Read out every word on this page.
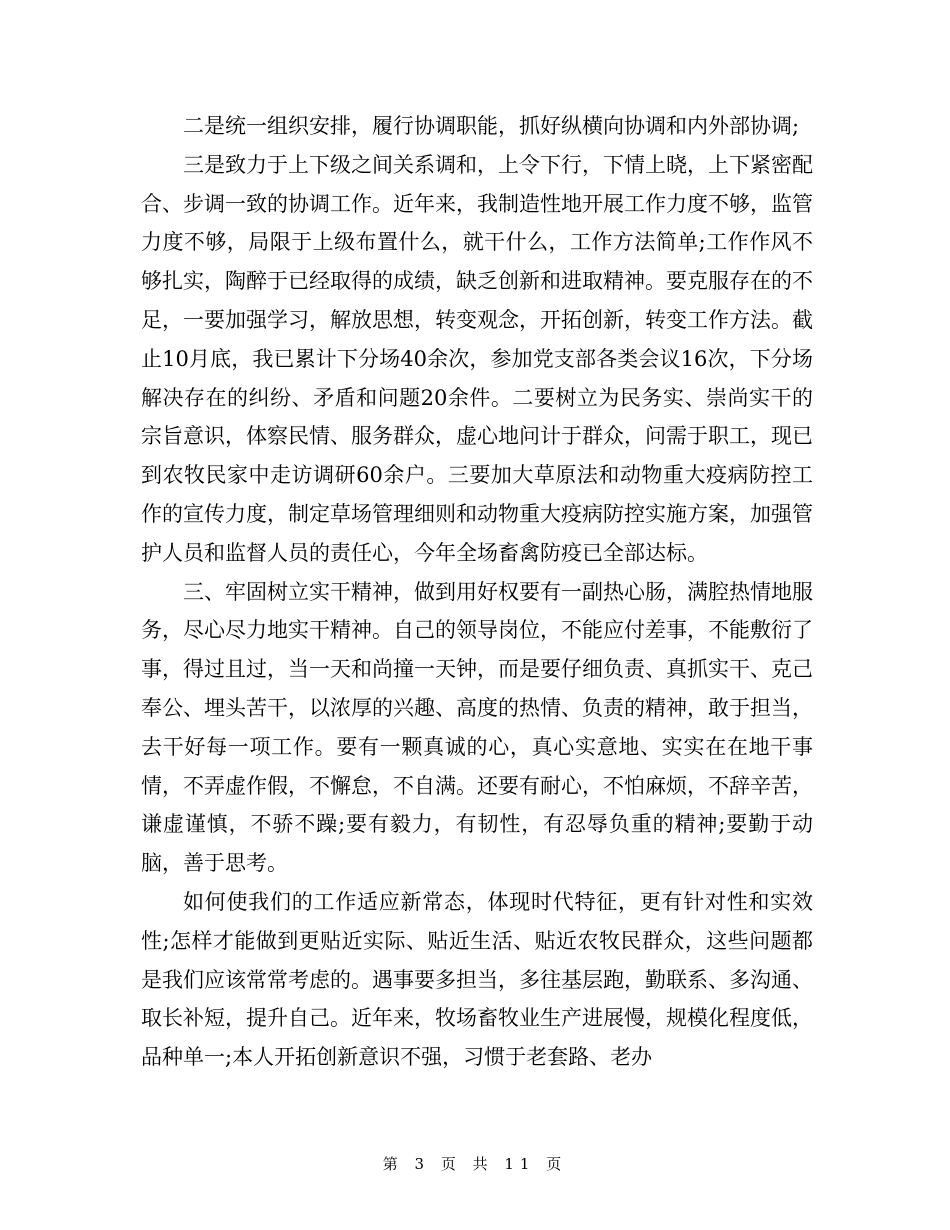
二是统一组织安排，履行协调职能，抓好纵横向协调和内外部协调;

三是致力于上下级之间关系调和，上令下行，下情上晓，上下紧密配合、步调一致的协调工作。近年来，我制造性地开展工作力度不够，监管力度不够，局限于上级布置什么，就干什么，工作方法简单;工作作风不够扎实，陶醉于已经取得的成绩，缺乏创新和进取精神。要克服存在的不足，一要加强学习，解放思想，转变观念，开拓创新，转变工作方法。截止10月底，我已累计下分场40余次，参加党支部各类会议16次，下分场解决存在的纠纷、矛盾和问题20余件。二要树立为民务实、崇尚实干的宗旨意识，体察民情、服务群众，虚心地问计于群众，问需于职工，现已到农牧民家中走访调研60余户。三要加大草原法和动物重大疫病防控工作的宣传力度，制定草场管理细则和动物重大疫病防控实施方案，加强管护人员和监督人员的责任心，今年全场畜禽防疫已全部达标。

三、牢固树立实干精神，做到用好权要有一副热心肠，满腔热情地服务，尽心尽力地实干精神。自己的领导岗位，不能应付差事，不能敷衍了事，得过且过，当一天和尚撞一天钟，而是要仔细负责、真抓实干、克己奉公、埋头苦干，以浓厚的兴趣、高度的热情、负责的精神，敢于担当，去干好每一项工作。要有一颗真诚的心，真心实意地、实实在在地干事情，不弄虚作假，不懈怠，不自满。还要有耐心，不怕麻烦，不辞辛苦，谦虚谨慎，不骄不躁;要有毅力，有韧性，有忍辱负重的精神;要勤于动脑，善于思考。

如何使我们的工作适应新常态，体现时代特征，更有针对性和实效性;怎样才能做到更贴近实际、贴近生活、贴近农牧民群众，这些问题都是我们应该常常考虑的。遇事要多担当，多往基层跑，勤联系、多沟通、取长补短，提升自己。近年来，牧场畜牧业生产进展慢，规模化程度低，品种单一;本人开拓创新意识不强，习惯于老套路、老办

第 3 页 共 11 页
